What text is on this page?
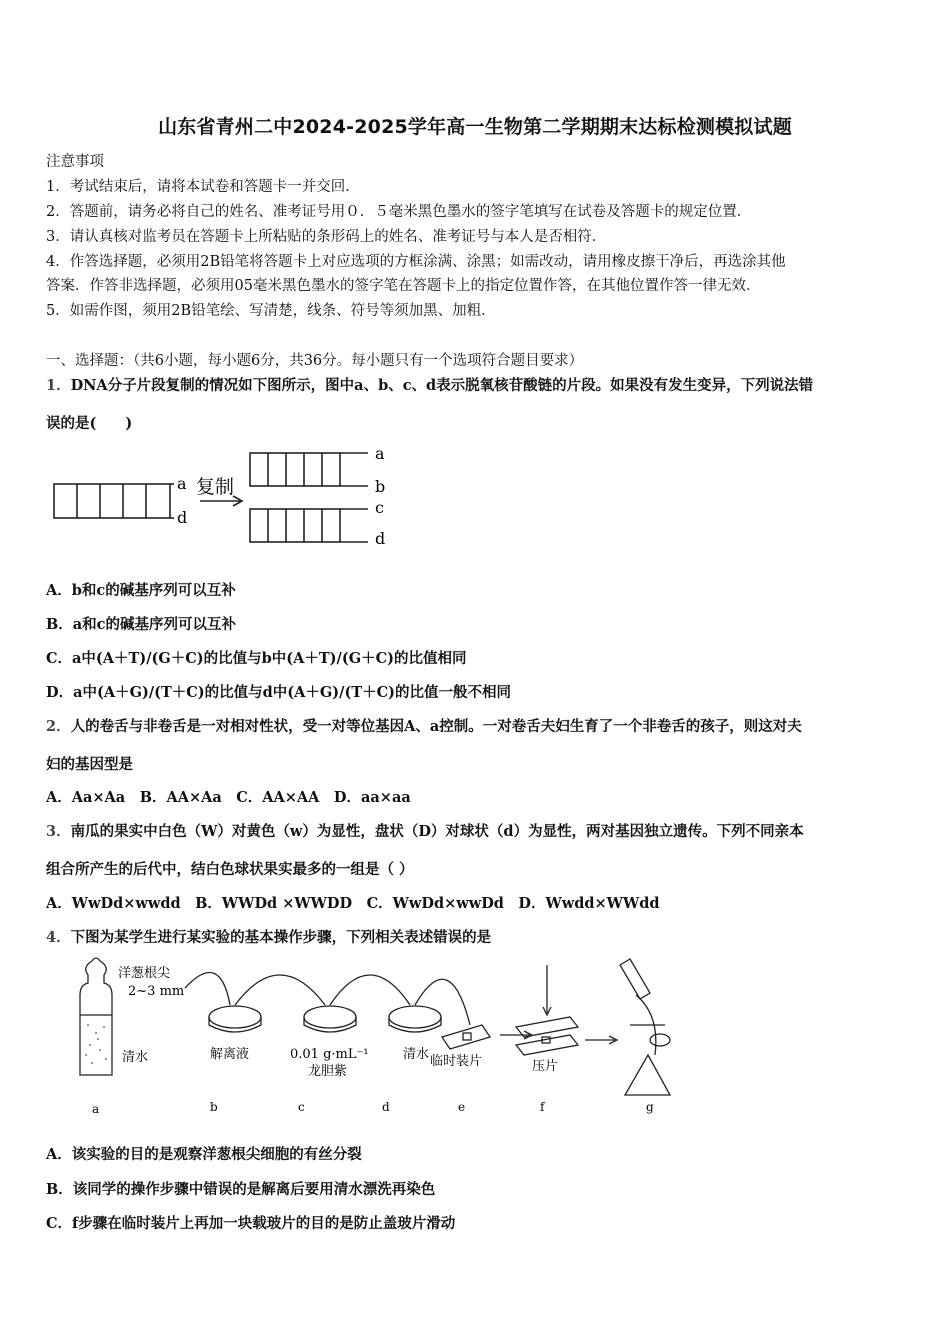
山东省青州二中2024-2025学年高一生物第二学期期末达标检测模拟试题
注意事项
1．考试结束后，请将本试卷和答题卡一并交回．
2．答题前，请务必将自己的姓名、准考证号用０．５毫米黑色墨水的签字笔填写在试卷及答题卡的规定位置．
3．请认真核对监考员在答题卡上所粘贴的条形码上的姓名、准考证号与本人是否相符．
4．作答选择题，必须用2B铅笔将答题卡上对应选项的方框涂满、涂黑；如需改动，请用橡皮擦干净后，再选涂其他
答案．作答非选择题，必须用05毫米黑色墨水的签字笔在答题卡上的指定位置作答，在其他位置作答一律无效．
5．如需作图，须用2B铅笔绘、写清楚，线条、符号等须加黑、加粗．
一、选择题：（共6小题，每小题6分，共36分。每小题只有一个选项符合题目要求）
1．DNA分子片段复制的情况如下图所示，图中a、b、c、d表示脱氧核苷酸链的片段。如果没有发生变异，下列说法错
误的是(　　)
a
d
复制
a
b
c
d
A．b和c的碱基序列可以互补
B．a和c的碱基序列可以互补
C．a中(A＋T)/(G＋C)的比值与b中(A＋T)/(G＋C)的比值相同
D．a中(A＋G)/(T＋C)的比值与d中(A＋G)/(T＋C)的比值一般不相同
2．人的卷舌与非卷舌是一对相对性状，受一对等位基因A、a控制。一对卷舌夫妇生育了一个非卷舌的孩子，则这对夫
妇的基因型是
A．Aa×Aa　B．AA×Aa　C．AA×AA　D．aa×aa
3．南瓜的果实中白色（W）对黄色（w）为显性，盘状（D）对球状（d）为显性，两对基因独立遗传。下列不同亲本
组合所产生的后代中，结白色球状果实最多的一组是（ ）
A．WwDd×wwdd　B．WWDd ×WWDD　C．WwDd×wwDd　D．Wwdd×WWdd
4．下图为某学生进行某实验的基本操作步骤，下列相关表述错误的是
洋葱根尖
2~3 mm
清水	解离液	0.01 g·mL⁻¹
龙胆紫
清水 临时装片	压片
a	b	c	d	e	f	g
A．该实验的目的是观察洋葱根尖细胞的有丝分裂
B．该同学的操作步骤中错误的是解离后要用清水漂洗再染色
C．f步骤在临时装片上再加一块载玻片的目的是防止盖玻片滑动
